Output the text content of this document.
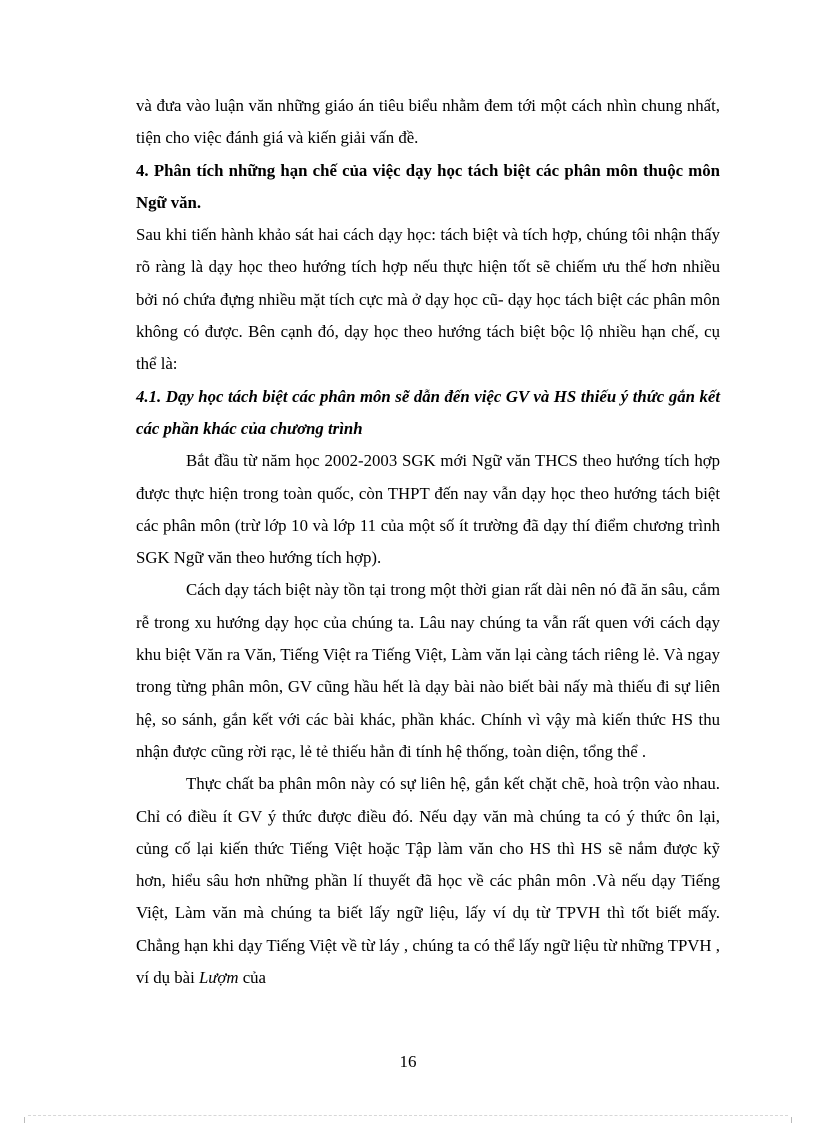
và đưa vào luận văn những giáo án tiêu biểu nhằm đem tới một cách nhìn chung nhất, tiện cho việc đánh giá và kiến giải vấn đề.

4. Phân tích những hạn chế của việc dạy học tách biệt các phân môn thuộc môn Ngữ văn.

Sau khi tiến hành khảo sát hai cách dạy học: tách biệt và tích hợp, chúng tôi nhận thấy rõ ràng là dạy học theo hướng tích hợp nếu thực hiện tốt sẽ chiếm ưu thế hơn nhiều bởi nó chứa đựng nhiều mặt tích cực mà ở dạy học cũ- dạy học tách biệt các phân môn không có được. Bên cạnh đó, dạy học theo hướng tách biệt bộc lộ nhiều hạn chế, cụ thể là:

4.1. Dạy học tách biệt các phân môn sẽ dẫn đến việc GV và HS thiếu ý thức gắn kết các phần khác của chương trình

Bắt đầu từ năm học 2002-2003 SGK mới Ngữ văn THCS theo hướng tích hợp được thực hiện trong toàn quốc, còn THPT đến nay vẫn dạy học theo hướng tách biệt các phân môn (trừ lớp 10 và lớp 11 của một số ít trường đã dạy thí điểm chương trình SGK Ngữ văn theo hướng tích hợp).

Cách dạy tách biệt này tồn tại trong một thời gian rất dài nên nó đã ăn sâu, cắm rễ trong xu hướng dạy học của chúng ta. Lâu nay chúng ta vẫn rất quen với cách dạy khu biệt Văn ra Văn, Tiếng Việt ra Tiếng Việt, Làm văn lại càng tách riêng lẻ. Và ngay trong từng phân môn, GV cũng hầu hết là dạy bài nào biết bài nấy mà thiếu đi sự liên hệ, so sánh, gắn kết với các bài khác, phần khác. Chính vì vậy mà kiến thức HS thu nhận được cũng rời rạc, lẻ tẻ thiếu hẳn đi tính hệ thống, toàn diện, tổng thể .

Thực chất ba phân môn này có sự liên hệ, gắn kết chặt chẽ, hoà trộn vào nhau. Chỉ có điều ít GV ý thức được điều đó. Nếu dạy văn mà chúng ta có ý thức ôn lại, củng cố lại kiến thức Tiếng Việt hoặc Tập làm văn cho HS thì HS sẽ nắm được kỹ hơn, hiểu sâu hơn những phần lí thuyết đã học về các phân môn .Và nếu dạy Tiếng Việt, Làm văn mà chúng ta biết lấy ngữ liệu, lấy ví dụ từ TPVH thì tốt biết mấy. Chẳng hạn khi dạy Tiếng Việt về từ láy , chúng ta có thể lấy ngữ liệu từ những TPVH , ví dụ bài Lượm của

16
